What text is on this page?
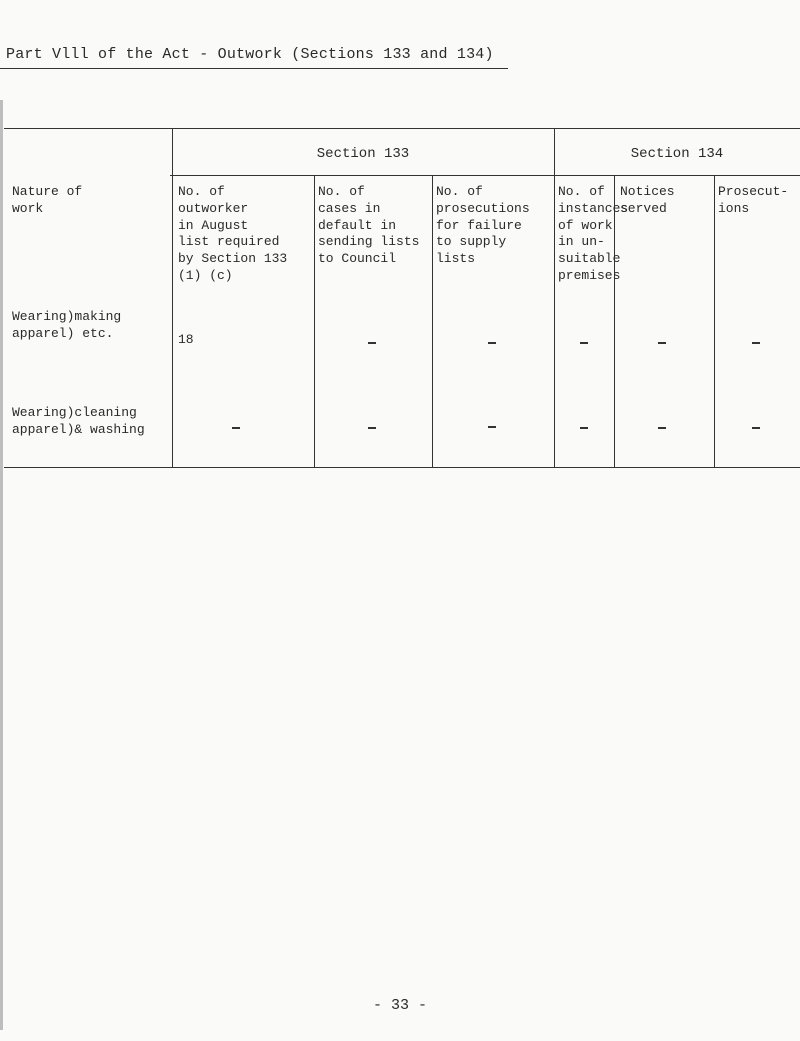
Part Vlll of the Act - Outwork (Sections 133 and 134)
Section 133	Section 134
Nature of
work
No. of
outworker
in August
list required
by Section 133
(1) (c)
No. of
cases in
default in
sending lists
to Council
No. of
prosecutions
for failure
to supply
lists
No. of
instances
of work
in un-
suitable
premises
Notices
served
Prosecut-
ions
Wearing)making
apparel) etc.	18
Wearing)cleaning
apparel)& washing
- 33 -
